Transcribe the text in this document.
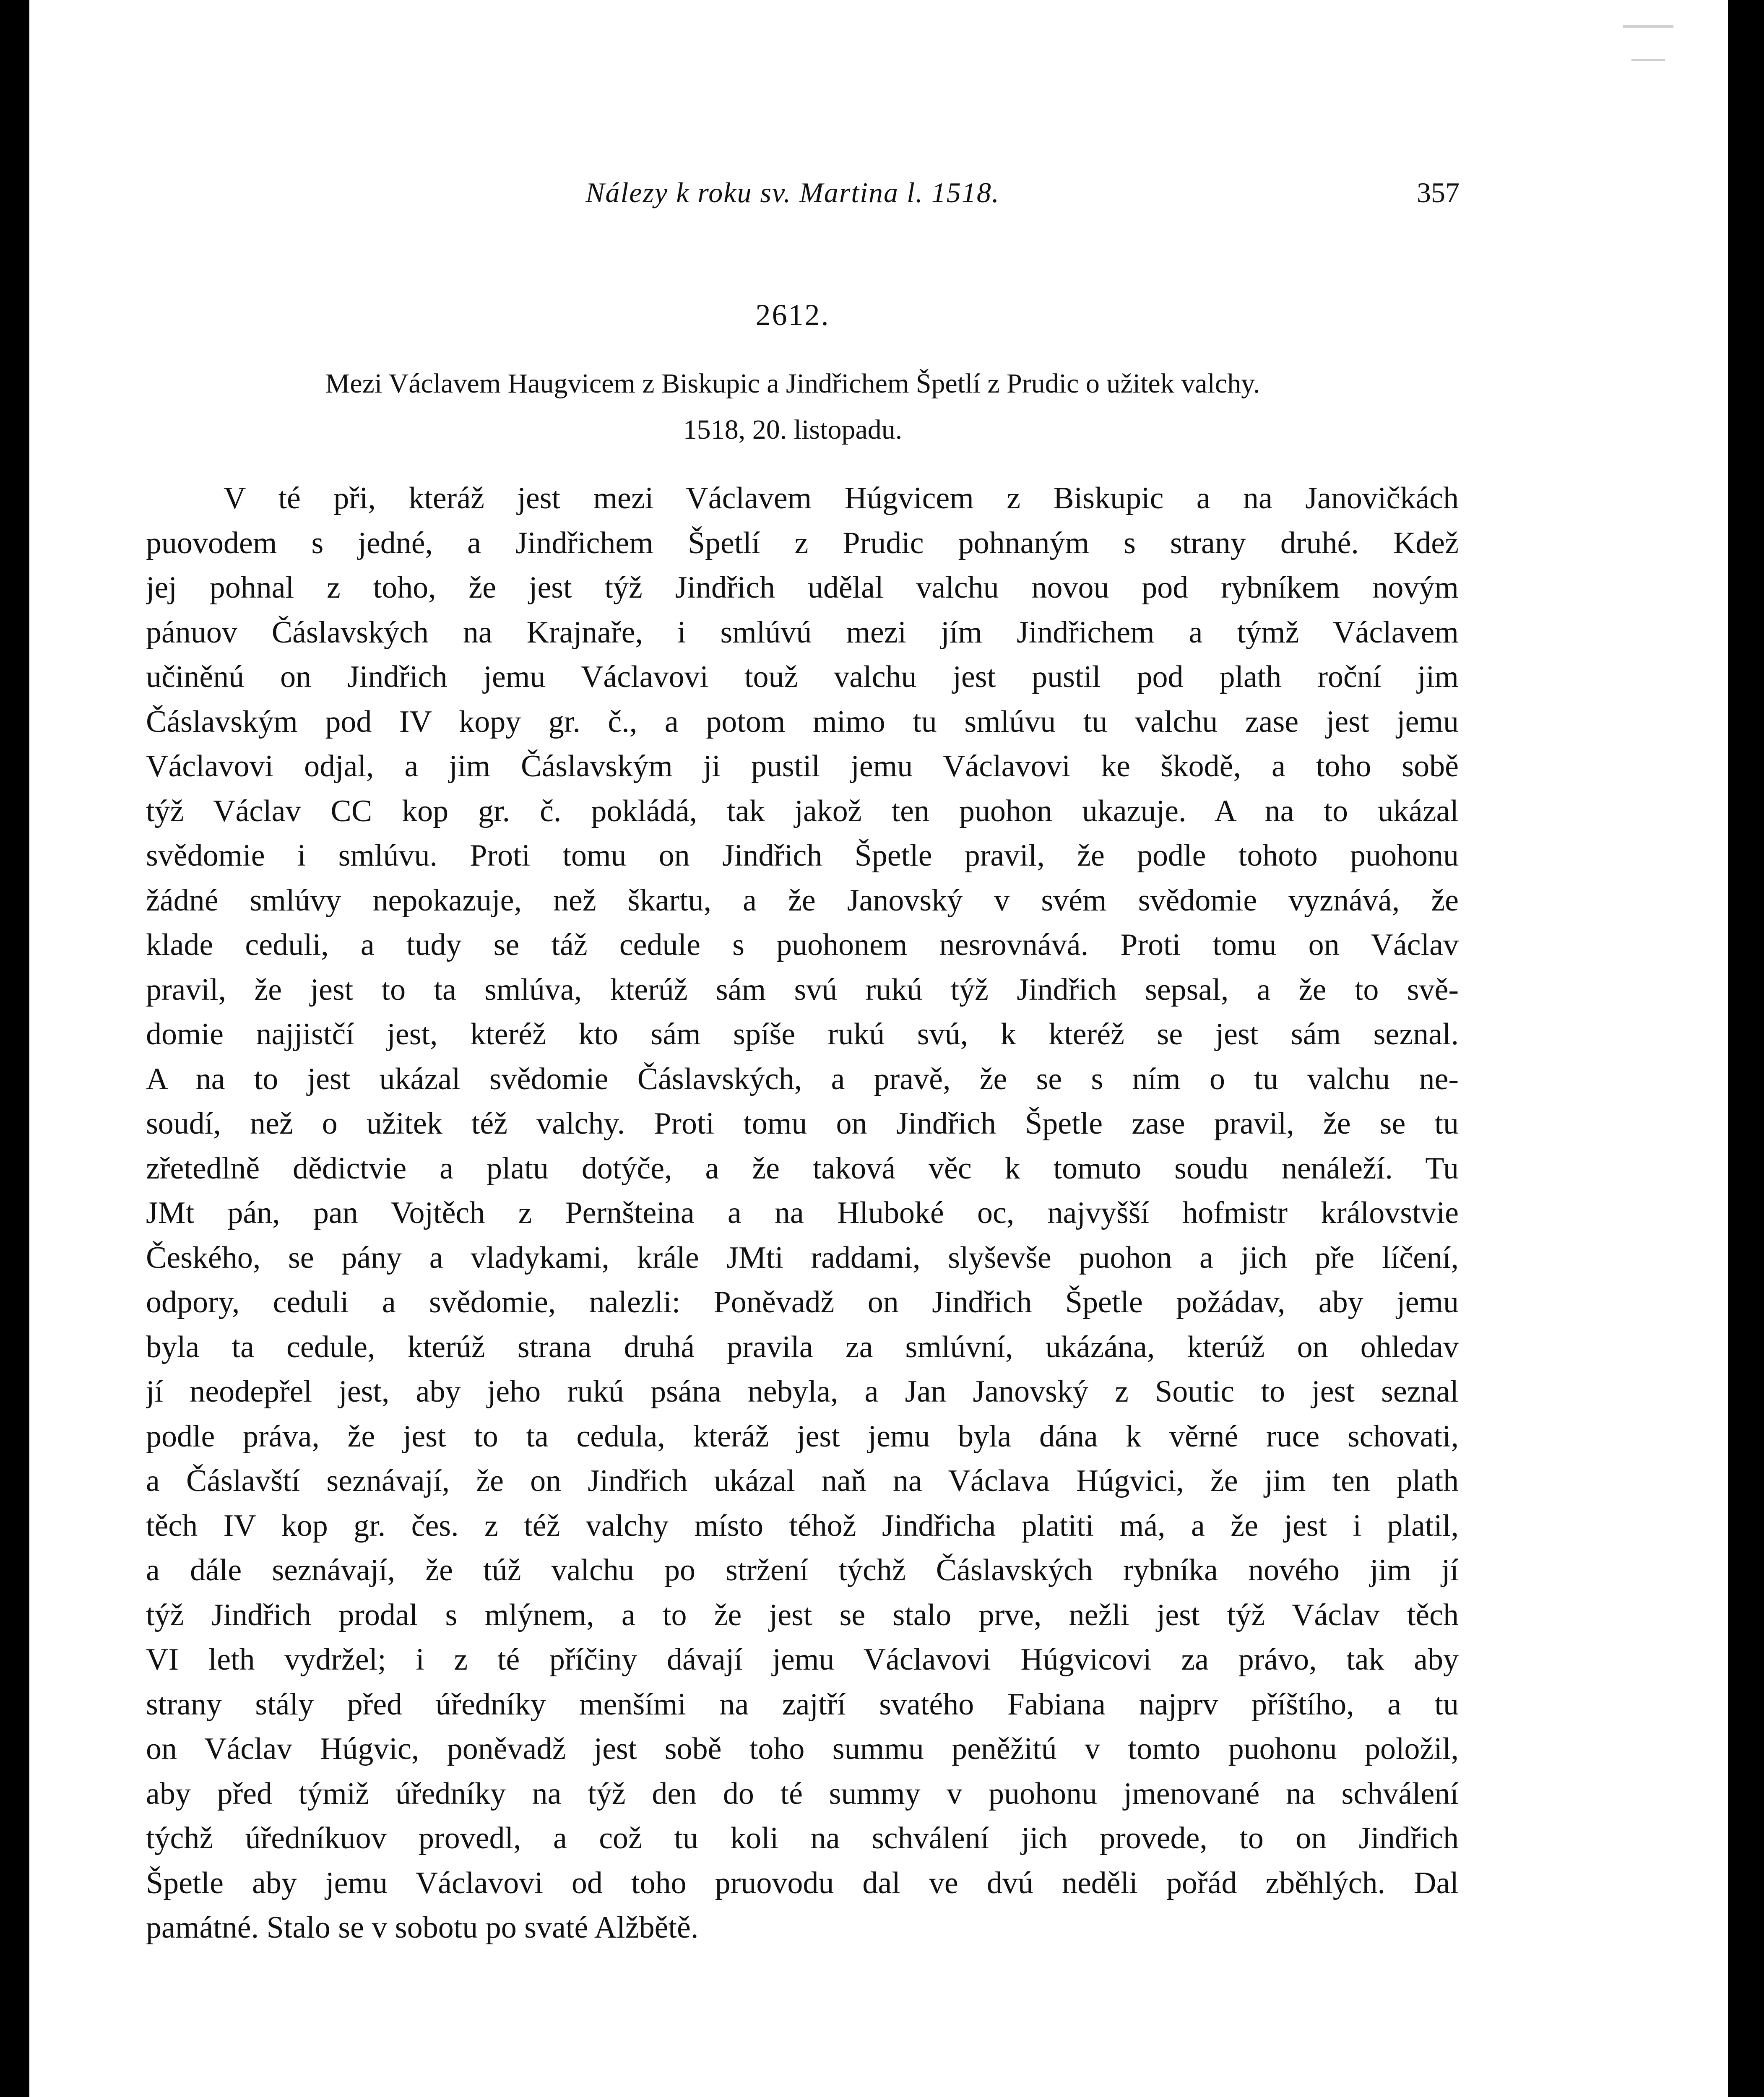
Nálezy k roku sv. Martina l. 1518.	357
2612.
Mezi Václavem Haugvicem z Biskupic a Jindřichem Špetlí z Prudic o užitek valchy.
1518, 20. listopadu.
V té při, kteráž jest mezi Václavem Húgvicem z Biskupic a na Janovičkách
puovodem s jedné, a Jindřichem Špetlí z Prudic pohnaným s strany druhé. Kdež
jej pohnal z toho, že jest týž Jindřich udělal valchu novou pod rybníkem novým
pánuov Čáslavských na Krajnaře, i smlúvú mezi jím Jindřichem a týmž Václavem
učiněnú on Jindřich jemu Václavovi touž valchu jest pustil pod plath roční jim
Čáslavským pod IV kopy gr. č., a potom mimo tu smlúvu tu valchu zase jest jemu
Václavovi odjal, a jim Čáslavským ji pustil jemu Václavovi ke škodě, a toho sobě
týž Václav CC kop gr. č. pokládá, tak jakož ten puohon ukazuje. A na to ukázal
svědomie i smlúvu. Proti tomu on Jindřich Špetle pravil, že podle tohoto puohonu
žádné smlúvy nepokazuje, než škartu, a že Janovský v svém svědomie vyznává, že
klade ceduli, a tudy se táž cedule s puohonem nesrovnává. Proti tomu on Václav
pravil, že jest to ta smlúva, kterúž sám svú rukú týž Jindřich sepsal, a že to svě-
domie najjistčí jest, kteréž kto sám spíše rukú svú, k kteréž se jest sám seznal.
A na to jest ukázal svědomie Čáslavských, a pravě, že se s ním o tu valchu ne-
soudí, než o užitek též valchy. Proti tomu on Jindřich Špetle zase pravil, že se tu
zřetedlně dědictvie a platu dotýče, a že taková věc k tomuto soudu nenáleží. Tu
JMt pán, pan Vojtěch z Pernšteina a na Hluboké oc, najvyšší hofmistr královstvie
Českého, se pány a vladykami, krále JMti raddami, slyševše puohon a jich pře líčení,
odpory, ceduli a svědomie, nalezli: Poněvadž on Jindřich Špetle požádav, aby jemu
byla ta cedule, kterúž strana druhá pravila za smlúvní, ukázána, kterúž on ohledav
jí neodepřel jest, aby jeho rukú psána nebyla, a Jan Janovský z Soutic to jest seznal
podle práva, že jest to ta cedula, kteráž jest jemu byla dána k věrné ruce schovati,
a Čáslavští seznávají, že on Jindřich ukázal naň na Václava Húgvici, že jim ten plath
těch IV kop gr. čes. z též valchy místo téhož Jindřicha platiti má, a že jest i platil,
a dále seznávají, že túž valchu po stržení týchž Čáslavských rybníka nového jim jí
týž Jindřich prodal s mlýnem, a to že jest se stalo prve, nežli jest týž Václav těch
VI leth vydržel; i z té příčiny dávají jemu Václavovi Húgvicovi za právo, tak aby
strany stály před úředníky menšími na zajtří svatého Fabiana najprv příštího, a tu
on Václav Húgvic, poněvadž jest sobě toho summu peněžitú v tomto puohonu položil,
aby před týmiž úředníky na týž den do té summy v puohonu jmenované na schválení
týchž úředníkuov provedl, a což tu koli na schválení jich provede, to on Jindřich
Špetle aby jemu Václavovi od toho pruovodu dal ve dvú neděli pořád zběhlých. Dal
památné. Stalo se v sobotu po svaté Alžbětě.
